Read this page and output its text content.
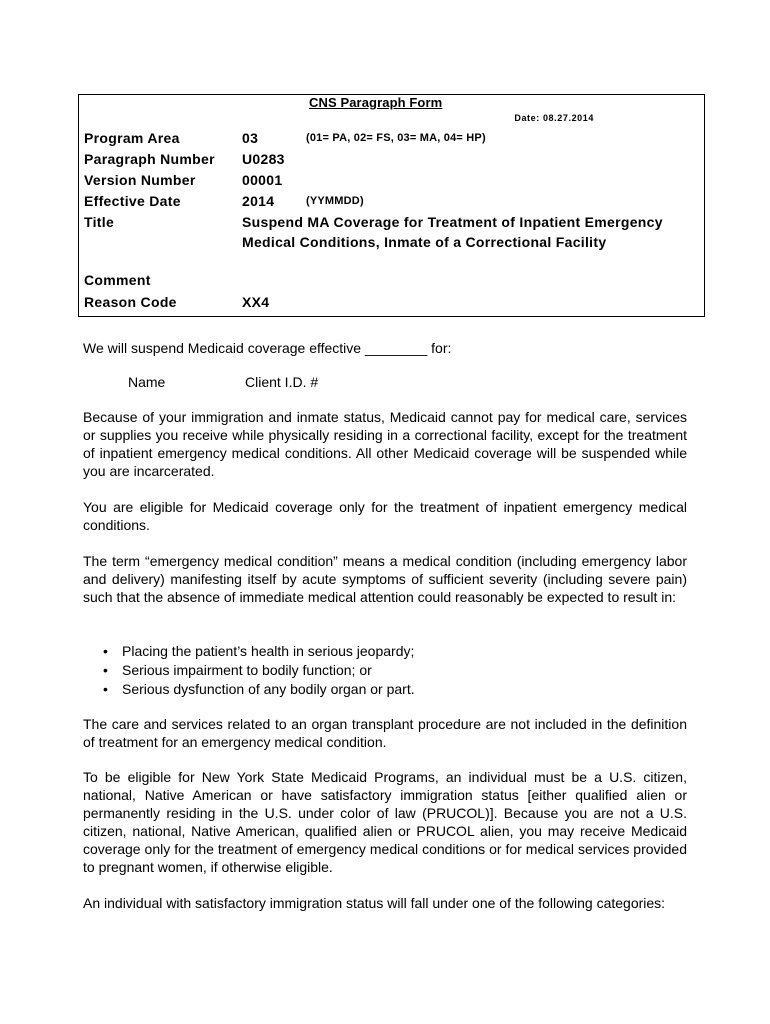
CNS Paragraph Form
Date: 08.27.2014
Program Area	03	(01= PA, 02= FS, 03= MA, 04= HP)
Paragraph Number U0283
Version Number	00001
Effective Date	2014	(YYMMDD)
Title	Suspend MA Coverage for Treatment of Inpatient Emergency Medical Conditions, Inmate of a Correctional Facility
Comment
Reason Code	XX4

We will suspend Medicaid coverage effective ________ for:

Name	Client I.D. #

Because of your immigration and inmate status, Medicaid cannot pay for medical care, services or supplies you receive while physically residing in a correctional facility, except for the treatment of inpatient emergency medical conditions. All other Medicaid coverage will be suspended while you are incarcerated.

You are eligible for Medicaid coverage only for the treatment of inpatient emergency medical conditions.

The term “emergency medical condition” means a medical condition (including emergency labor and delivery) manifesting itself by acute symptoms of sufficient severity (including severe pain) such that the absence of immediate medical attention could reasonably be expected to result in:

• Placing the patient’s health in serious jeopardy;
• Serious impairment to bodily function; or
• Serious dysfunction of any bodily organ or part.

The care and services related to an organ transplant procedure are not included in the definition of treatment for an emergency medical condition.

To be eligible for New York State Medicaid Programs, an individual must be a U.S. citizen, national, Native American or have satisfactory immigration status [either qualified alien or permanently residing in the U.S. under color of law (PRUCOL)]. Because you are not a U.S. citizen, national, Native American, qualified alien or PRUCOL alien, you may receive Medicaid coverage only for the treatment of emergency medical conditions or for medical services provided to pregnant women, if otherwise eligible.

An individual with satisfactory immigration status will fall under one of the following categories:
